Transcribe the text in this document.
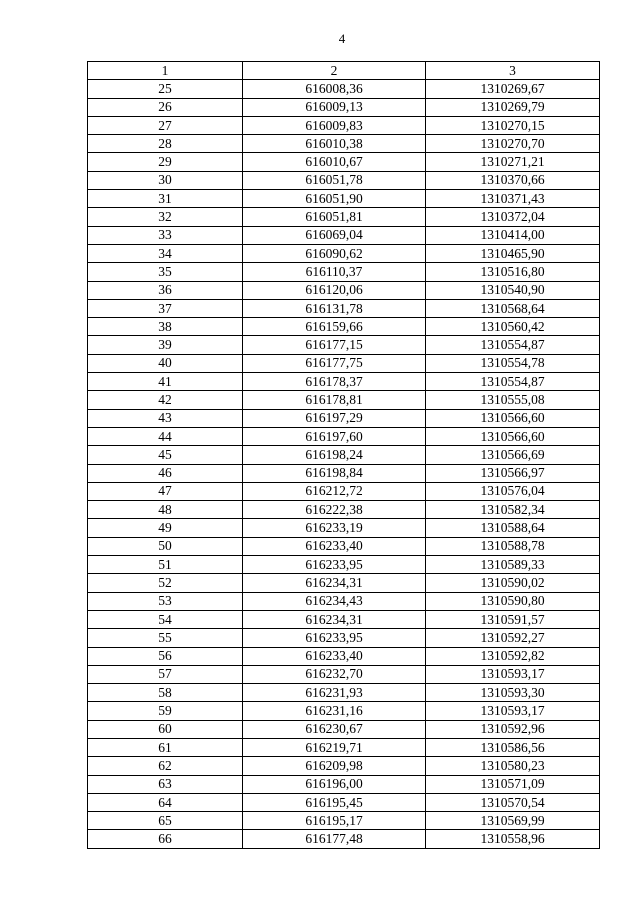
4
1	2	3
25	616008,36	1310269,67
26	616009,13	1310269,79
27	616009,83	1310270,15
28	616010,38	1310270,70
29	616010,67	1310271,21
30	616051,78	1310370,66
31	616051,90	1310371,43
32	616051,81	1310372,04
33	616069,04	1310414,00
34	616090,62	1310465,90
35	616110,37	1310516,80
36	616120,06	1310540,90
37	616131,78	1310568,64
38	616159,66	1310560,42
39	616177,15	1310554,87
40	616177,75	1310554,78
41	616178,37	1310554,87
42	616178,81	1310555,08
43	616197,29	1310566,60
44	616197,60	1310566,60
45	616198,24	1310566,69
46	616198,84	1310566,97
47	616212,72	1310576,04
48	616222,38	1310582,34
49	616233,19	1310588,64
50	616233,40	1310588,78
51	616233,95	1310589,33
52	616234,31	1310590,02
53	616234,43	1310590,80
54	616234,31	1310591,57
55	616233,95	1310592,27
56	616233,40	1310592,82
57	616232,70	1310593,17
58	616231,93	1310593,30
59	616231,16	1310593,17
60	616230,67	1310592,96
61	616219,71	1310586,56
62	616209,98	1310580,23
63	616196,00	1310571,09
64	616195,45	1310570,54
65	616195,17	1310569,99
66	616177,48	1310558,96
